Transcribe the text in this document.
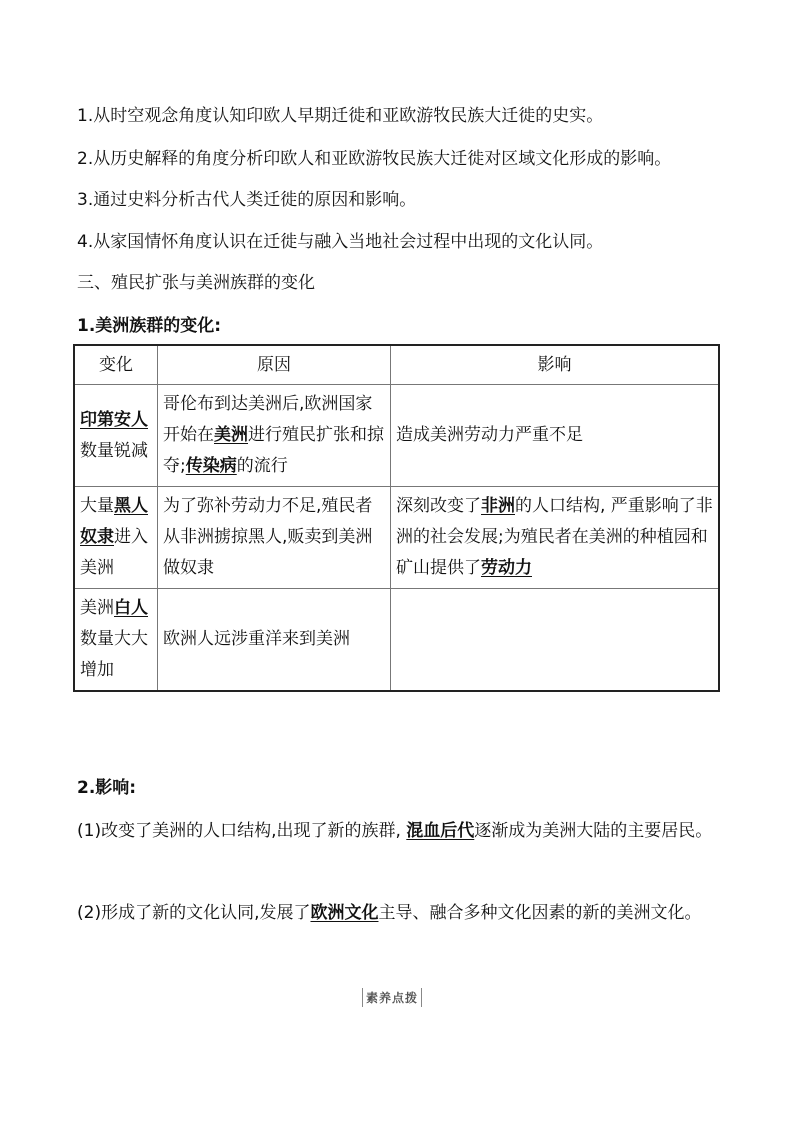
1.从时空观念角度认知印欧人早期迁徙和亚欧游牧民族大迁徙的史实。
2.从历史解释的角度分析印欧人和亚欧游牧民族大迁徙对区域文化形成的影响。
3.通过史料分析古代人类迁徙的原因和影响。
4.从家国情怀角度认识在迁徙与融入当地社会过程中出现的文化认同。
三、殖民扩张与美洲族群的变化
1.美洲族群的变化:
变化	原因	影响
印第安人数量锐减	哥伦布到达美洲后,欧洲国家开始在美洲进行殖民扩张和掠夺;传染病的流行	造成美洲劳动力严重不足
大量黑人奴隶进入美洲	为了弥补劳动力不足,殖民者从非洲掳掠黑人,贩卖到美洲做奴隶	深刻改变了非洲的人口结构, 严重影响了非洲的社会发展;为殖民者在美洲的种植园和矿山提供了劳动力
美洲白人数量大大增加	欧洲人远涉重洋来到美洲	
2.影响:
(1)改变了美洲的人口结构,出现了新的族群, 混血后代逐渐成为美洲大陆的主要居民。
(2)形成了新的文化认同,发展了欧洲文化主导、融合多种文化因素的新的美洲文化。
素养点拨
